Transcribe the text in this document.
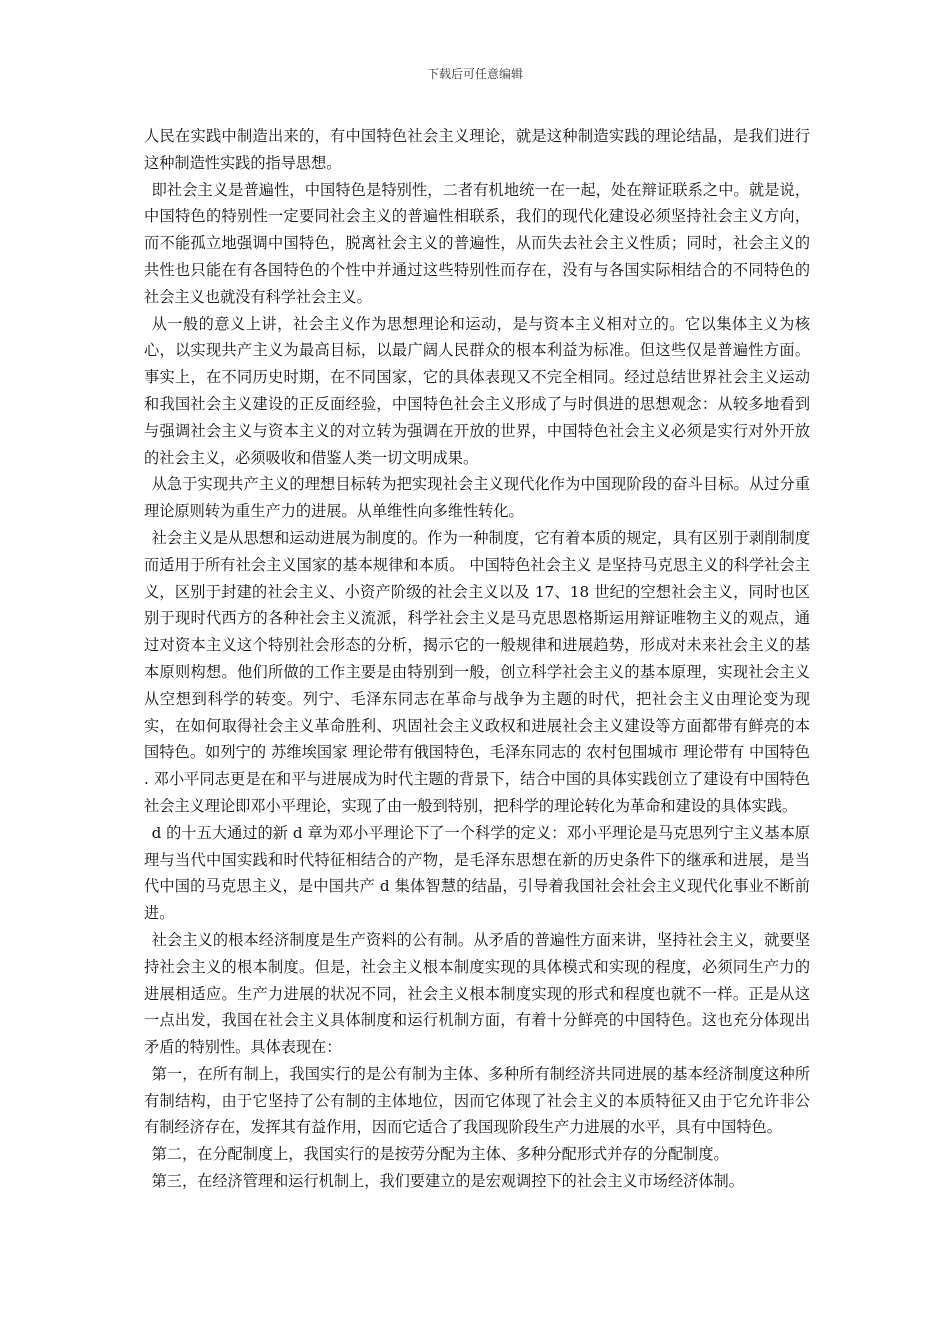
下载后可任意编辑

人民在实践中制造出来的，有中国特色社会主义理论，就是这种制造实践的理论结晶，是我们进行这种制造性实践的指导思想。

即社会主义是普遍性，中国特色是特别性，二者有机地统一在一起，处在辩证联系之中。就是说，中国特色的特别性一定要同社会主义的普遍性相联系，我们的现代化建设必须坚持社会主义方向，而不能孤立地强调中国特色，脱离社会主义的普遍性，从而失去社会主义性质；同时，社会主义的共性也只能在有各国特色的个性中并通过这些特别性而存在，没有与各国实际相结合的不同特色的社会主义也就没有科学社会主义。

从一般的意义上讲，社会主义作为思想理论和运动，是与资本主义相对立的。它以集体主义为核心，以实现共产主义为最高目标，以最广阔人民群众的根本利益为标准。但这些仅是普遍性方面。事实上，在不同历史时期，在不同国家，它的具体表现又不完全相同。经过总结世界社会主义运动和我国社会主义建设的正反面经验，中国特色社会主义形成了与时俱进的思想观念：从较多地看到与强调社会主义与资本主义的对立转为强调在开放的世界，中国特色社会主义必须是实行对外开放的社会主义，必须吸收和借鉴人类一切文明成果。

从急于实现共产主义的理想目标转为把实现社会主义现代化作为中国现阶段的奋斗目标。从过分重理论原则转为重生产力的进展。从单维性向多维性转化。

社会主义是从思想和运动进展为制度的。作为一种制度，它有着本质的规定，具有区别于剥削制度而适用于所有社会主义国家的基本规律和本质。 中国特色社会主义 是坚持马克思主义的科学社会主义，区别于封建的社会主义、小资产阶级的社会主义以及 17、18 世纪的空想社会主义，同时也区别于现时代西方的各种社会主义流派，科学社会主义是马克思恩格斯运用辩证唯物主义的观点，通过对资本主义这个特别社会形态的分析，揭示它的一般规律和进展趋势，形成对未来社会主义的基本原则构想。他们所做的工作主要是由特别到一般，创立科学社会主义的基本原理，实现社会主义从空想到科学的转变。列宁、毛泽东同志在革命与战争为主题的时代，把社会主义由理论变为现实，在如何取得社会主义革命胜利、巩固社会主义政权和进展社会主义建设等方面都带有鲜亮的本国特色。如列宁的 苏维埃国家 理论带有俄国特色，毛泽东同志的 农村包围城市 理论带有 中国特色 . 邓小平同志更是在和平与进展成为时代主题的背景下，结合中国的具体实践创立了建设有中国特色社会主义理论即邓小平理论，实现了由一般到特别，把科学的理论转化为革命和建设的具体实践。

d 的十五大通过的新 d 章为邓小平理论下了一个科学的定义：邓小平理论是马克思列宁主义基本原理与当代中国实践和时代特征相结合的产物，是毛泽东思想在新的历史条件下的继承和进展，是当代中国的马克思主义，是中国共产 d 集体智慧的结晶，引导着我国社会社会主义现代化事业不断前进。

社会主义的根本经济制度是生产资料的公有制。从矛盾的普遍性方面来讲，坚持社会主义，就要坚持社会主义的根本制度。但是，社会主义根本制度实现的具体模式和实现的程度，必须同生产力的进展相适应。生产力进展的状况不同，社会主义根本制度实现的形式和程度也就不一样。正是从这一点出发，我国在社会主义具体制度和运行机制方面，有着十分鲜亮的中国特色。这也充分体现出矛盾的特别性。具体表现在：

第一，在所有制上，我国实行的是公有制为主体、多种所有制经济共同进展的基本经济制度这种所有制结构，由于它坚持了公有制的主体地位，因而它体现了社会主义的本质特征又由于它允许非公有制经济存在，发挥其有益作用，因而它适合了我国现阶段生产力进展的水平，具有中国特色。

第二，在分配制度上，我国实行的是按劳分配为主体、多种分配形式并存的分配制度。

第三，在经济管理和运行机制上，我们要建立的是宏观调控下的社会主义市场经济体制。
